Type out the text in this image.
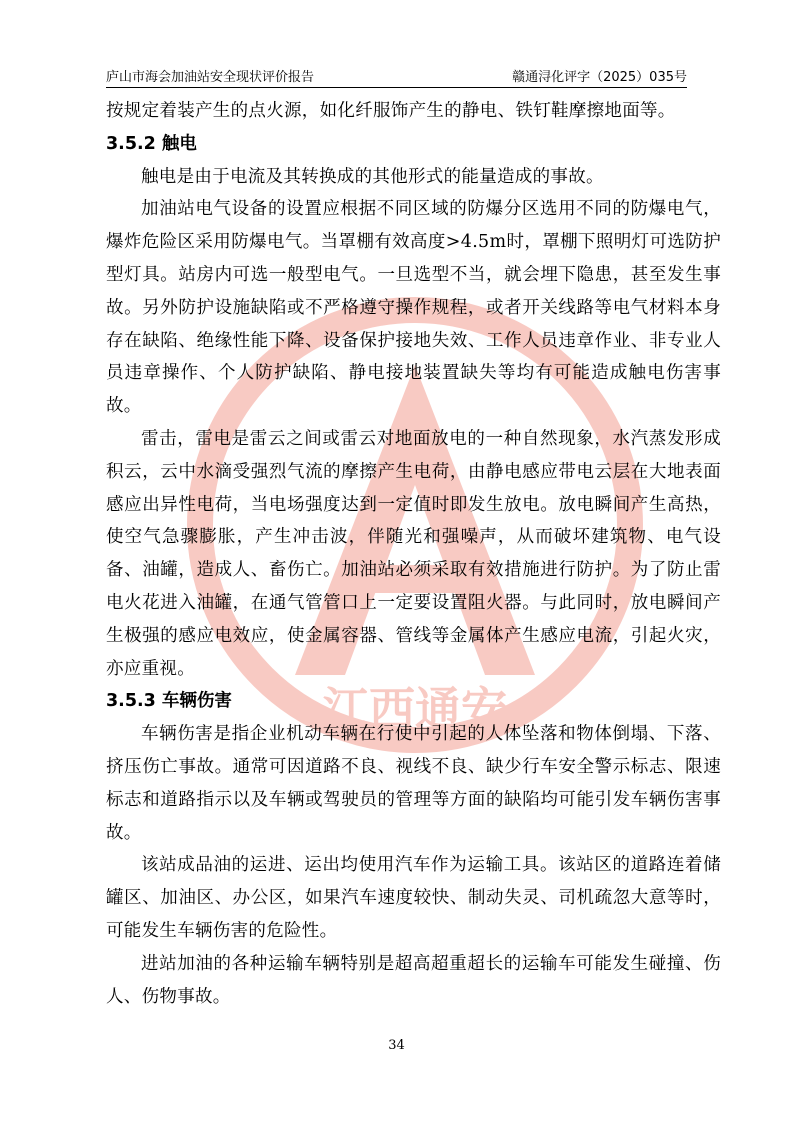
江西通安
庐山市海会加油站安全现状评价报告	赣通浔化评字（2025）035号

按规定着装产生的点火源，如化纤服饰产生的静电、铁钉鞋摩擦地面等。

3.5.2 触电

触电是由于电流及其转换成的其他形式的能量造成的事故。

加油站电气设备的设置应根据不同区域的防爆分区选用不同的防爆电气，爆炸危险区采用防爆电气。当罩棚有效高度>4.5m时，罩棚下照明灯可选防护型灯具。站房内可选一般型电气。一旦选型不当，就会埋下隐患，甚至发生事故。另外防护设施缺陷或不严格遵守操作规程，或者开关线路等电气材料本身存在缺陷、绝缘性能下降、设备保护接地失效、工作人员违章作业、非专业人员违章操作、个人防护缺陷、静电接地装置缺失等均有可能造成触电伤害事故。

雷击，雷电是雷云之间或雷云对地面放电的一种自然现象，水汽蒸发形成积云，云中水滴受强烈气流的摩擦产生电荷，由静电感应带电云层在大地表面感应出异性电荷，当电场强度达到一定值时即发生放电。放电瞬间产生高热，使空气急骤膨胀，产生冲击波，伴随光和强噪声，从而破坏建筑物、电气设备、油罐，造成人、畜伤亡。加油站必须采取有效措施进行防护。为了防止雷电火花进入油罐，在通气管管口上一定要设置阻火器。与此同时，放电瞬间产生极强的感应电效应，使金属容器、管线等金属体产生感应电流，引起火灾，亦应重视。

3.5.3 车辆伤害

车辆伤害是指企业机动车辆在行使中引起的人体坠落和物体倒塌、下落、挤压伤亡事故。通常可因道路不良、视线不良、缺少行车安全警示标志、限速标志和道路指示以及车辆或驾驶员的管理等方面的缺陷均可能引发车辆伤害事故。

该站成品油的运进、运出均使用汽车作为运输工具。该站区的道路连着储罐区、加油区、办公区，如果汽车速度较快、制动失灵、司机疏忽大意等时，可能发生车辆伤害的危险性。

进站加油的各种运输车辆特别是超高超重超长的运输车可能发生碰撞、伤人、伤物事故。

34
